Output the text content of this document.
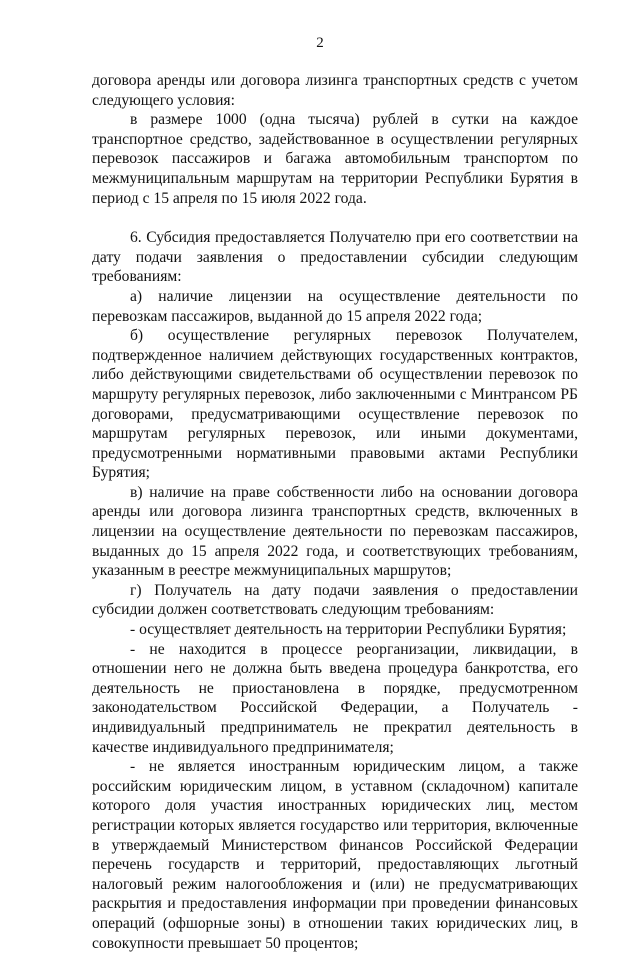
2

договора аренды или договора лизинга транспортных средств с учетом следующего условия:

в размере 1000 (одна тысяча) рублей в сутки на каждое транспортное средство, задействованное в осуществлении регулярных перевозок пассажиров и багажа автомобильным транспортом по межмуниципальным маршрутам на территории Республики Бурятия в период с 15 апреля по 15 июля 2022 года.

6. Субсидия предоставляется Получателю при его соответствии на дату подачи заявления о предоставлении субсидии следующим требованиям:

а) наличие лицензии на осуществление деятельности по перевозкам пассажиров, выданной до 15 апреля 2022 года;

б) осуществление регулярных перевозок Получателем, подтвержденное наличием действующих государственных контрактов, либо действующими свидетельствами об осуществлении перевозок по маршруту регулярных перевозок, либо заключенными с Минтрансом РБ договорами, предусматривающими осуществление перевозок по маршрутам регулярных перевозок, или иными документами, предусмотренными нормативными правовыми актами Республики Бурятия;

в) наличие на праве собственности либо на основании договора аренды или договора лизинга транспортных средств, включенных в лицензии на осуществление деятельности по перевозкам пассажиров, выданных до 15 апреля 2022 года, и соответствующих требованиям, указанным в реестре межмуниципальных маршрутов;

г) Получатель на дату подачи заявления о предоставлении субсидии должен соответствовать следующим требованиям:

- осуществляет деятельность на территории Республики Бурятия;

- не находится в процессе реорганизации, ликвидации, в отношении него не должна быть введена процедура банкротства, его деятельность не приостановлена в порядке, предусмотренном законодательством Российской Федерации, а Получатель - индивидуальный предприниматель не прекратил деятельность в качестве индивидуального предпринимателя;

- не является иностранным юридическим лицом, а также российским юридическим лицом, в уставном (складочном) капитале которого доля участия иностранных юридических лиц, местом регистрации которых является государство или территория, включенные в утверждаемый Министерством финансов Российской Федерации перечень государств и территорий, предоставляющих льготный налоговый режим налогообложения и (или) не предусматривающих раскрытия и предоставления информации при проведении финансовых операций (офшорные зоны) в отношении таких юридических лиц, в совокупности превышает 50 процентов;
